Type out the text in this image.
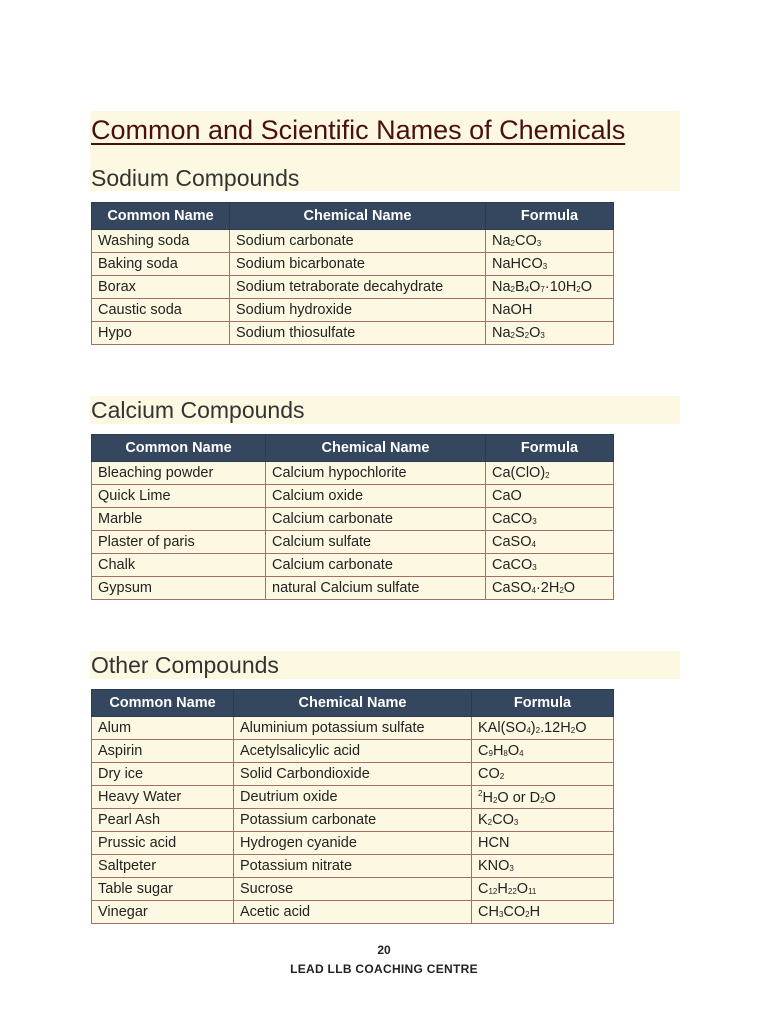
Common and Scientific Names of Chemicals
Sodium Compounds
Common Name	Chemical Name	Formula
Washing soda	Sodium carbonate	$Na_2CO_3$
Baking soda	Sodium bicarbonate	NaHCO$_3$
Borax	Sodium tetraborate decahydrate	$Na_2B_4O_7\cdot 10H_2O$
Caustic soda	Sodium hydroxide	NaOH
Hypo	Sodium thiosulfate	$Na_2S_2O_3$
Calcium Compounds
Common Name	Chemical Name	Formula
Bleaching powder	Calcium hypochlorite	$Ca(ClO)_2$
Quick Lime	Calcium oxide	CaO
Marble	Calcium carbonate	CaCO$_3$
Plaster of paris	Calcium sulfate	CaSO$_4$
Chalk	Calcium carbonate	CaCO$_3$
Gypsum	natural Calcium sulfate	$CaSO_4\cdot 2H_2O$
Other Compounds
Common Name	Chemical Name	Formula
Alum	Aluminium potassium sulfate	$KAl(SO_4)_2.12H_2O$
Aspirin	Acetylsalicylic acid	$C_9H_8O_4$
Dry ice	Solid Carbondioxide	$CO_2$
Heavy Water	Deutrium oxide	$^2H_2O$ or $D_2O$
Pearl Ash	Potassium carbonate	$K_2CO_3$
Prussic acid	Hydrogen cyanide	HCN
Saltpeter	Potassium nitrate	$KNO_3$
Table sugar	Sucrose	$C_{12}H_{22}O_{11}$
Vinegar	Acetic acid	$CH_3CO_2H$
20
LEAD LLB COACHING CENTRE
